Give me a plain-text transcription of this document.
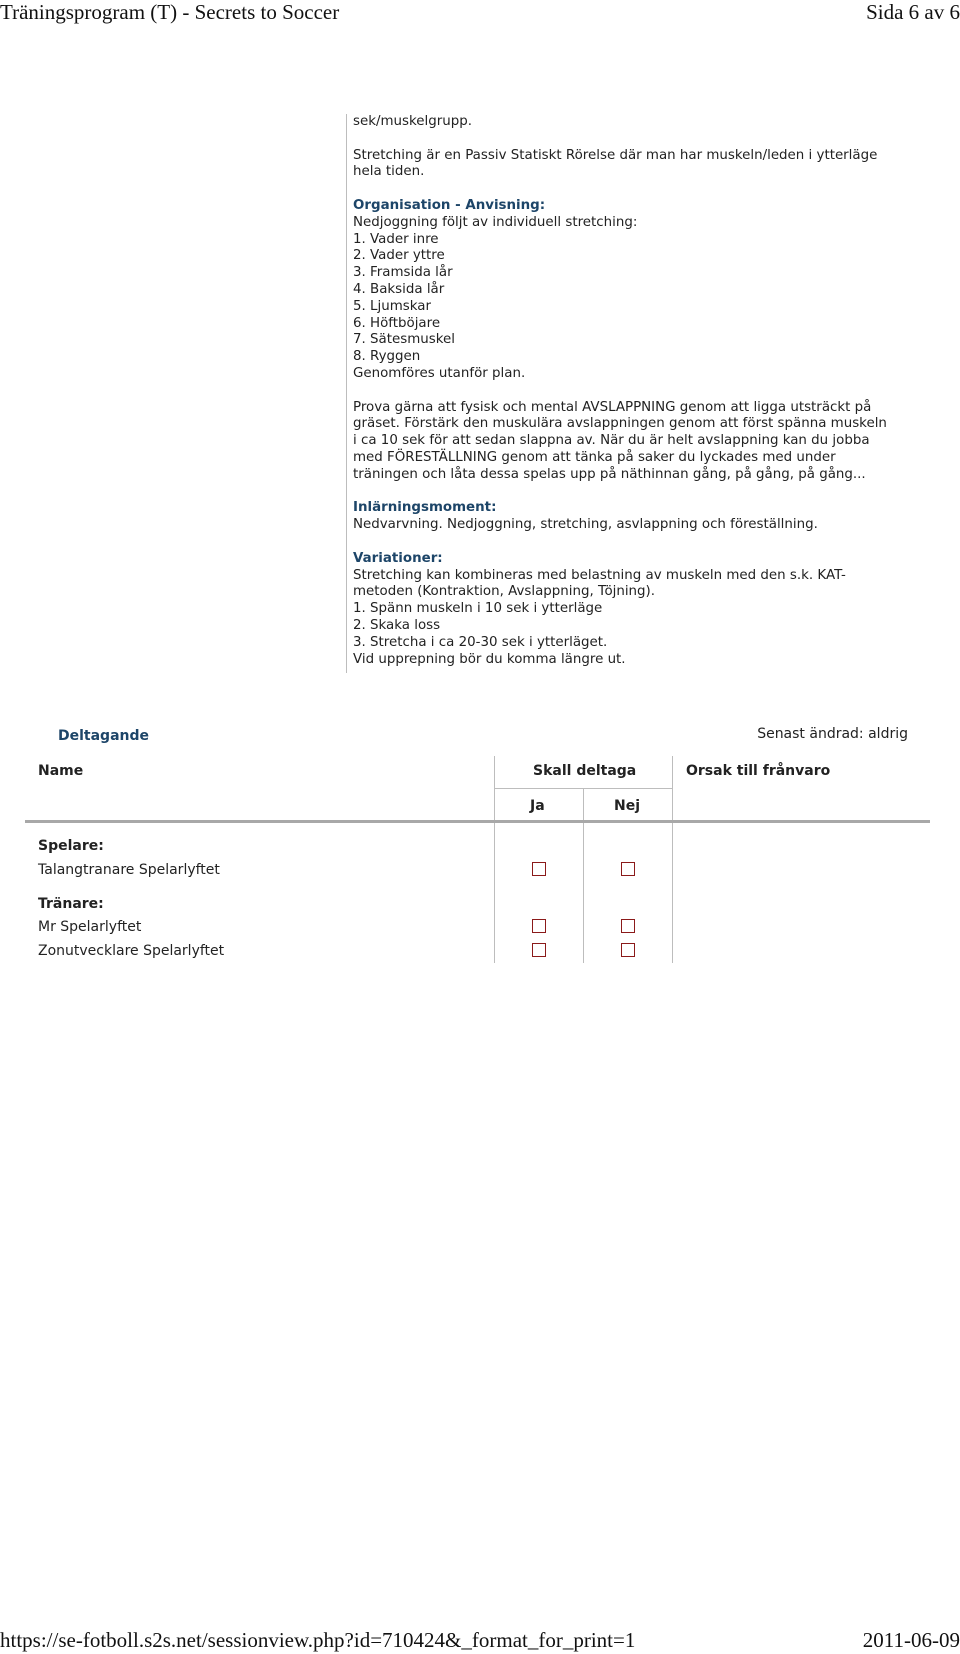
Träningsprogram (T) - Secrets to Soccer	Sida 6 av 6
sek/muskelgrupp.
Stretching är en Passiv Statiskt Rörelse där man har muskeln/leden i ytterläge
hela tiden.
Organisation - Anvisning:
Nedjoggning följt av individuell stretching:
1. Vader inre
2. Vader yttre
3. Framsida lår
4. Baksida lår
5. Ljumskar
6. Höftböjare
7. Sätesmuskel
8. Ryggen
Genomföres utanför plan.
Prova gärna att fysisk och mental AVSLAPPNING genom att ligga utsträckt på
gräset. Förstärk den muskulära avslappningen genom att först spänna muskeln
i ca 10 sek för att sedan slappna av. När du är helt avslappning kan du jobba
med FÖRESTÄLLNING genom att tänka på saker du lyckades med under
träningen och låta dessa spelas upp på näthinnan gång, på gång, på gång...
Inlärningsmoment:
Nedvarvning. Nedjoggning, stretching, asvlappning och föreställning.
Variationer:
Stretching kan kombineras med belastning av muskeln med den s.k. KAT-
metoden (Kontraktion, Avslappning, Töjning).
1. Spänn muskeln i 10 sek i ytterläge
2. Skaka loss
3. Stretcha i ca 20-30 sek i ytterläget.
Vid upprepning bör du komma längre ut.
Deltagande	Senast ändrad: aldrig
Name	Skall deltaga	Orsak till frånvaro
Ja	Nej
Spelare:
Talangtranare Spelarlyftet
Tränare:
Mr Spelarlyftet
Zonutvecklare Spelarlyftet
https://se-fotboll.s2s.net/sessionview.php?id=710424&_format_for_print=1	2011-06-09
